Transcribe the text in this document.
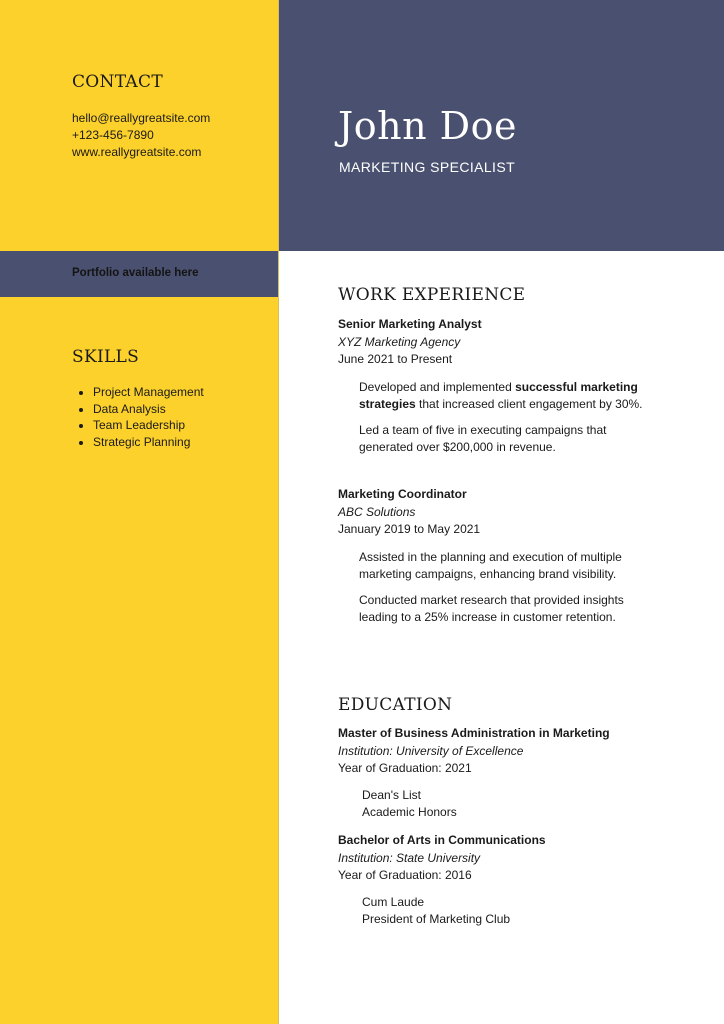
CONTACT
hello@reallygreatsite.com
+123-456-7890
www.reallygreatsite.com
Portfolio available here
SKILLS
• Project Management
• Data Analysis
• Team Leadership
• Strategic Planning
John Doe
MARKETING SPECIALIST
WORK EXPERIENCE
Senior Marketing Analyst
XYZ Marketing Agency
June 2021 to Present
Developed and implemented successful marketing strategies that increased client engagement by 30%.
Led a team of five in executing campaigns that generated over $200,000 in revenue.
Marketing Coordinator
ABC Solutions
January 2019 to May 2021
Assisted in the planning and execution of multiple marketing campaigns, enhancing brand visibility.
Conducted market research that provided insights leading to a 25% increase in customer retention.
EDUCATION
Master of Business Administration in Marketing
Institution: University of Excellence
Year of Graduation: 2021
Dean's List
Academic Honors
Bachelor of Arts in Communications
Institution: State University
Year of Graduation: 2016
Cum Laude
President of Marketing Club
